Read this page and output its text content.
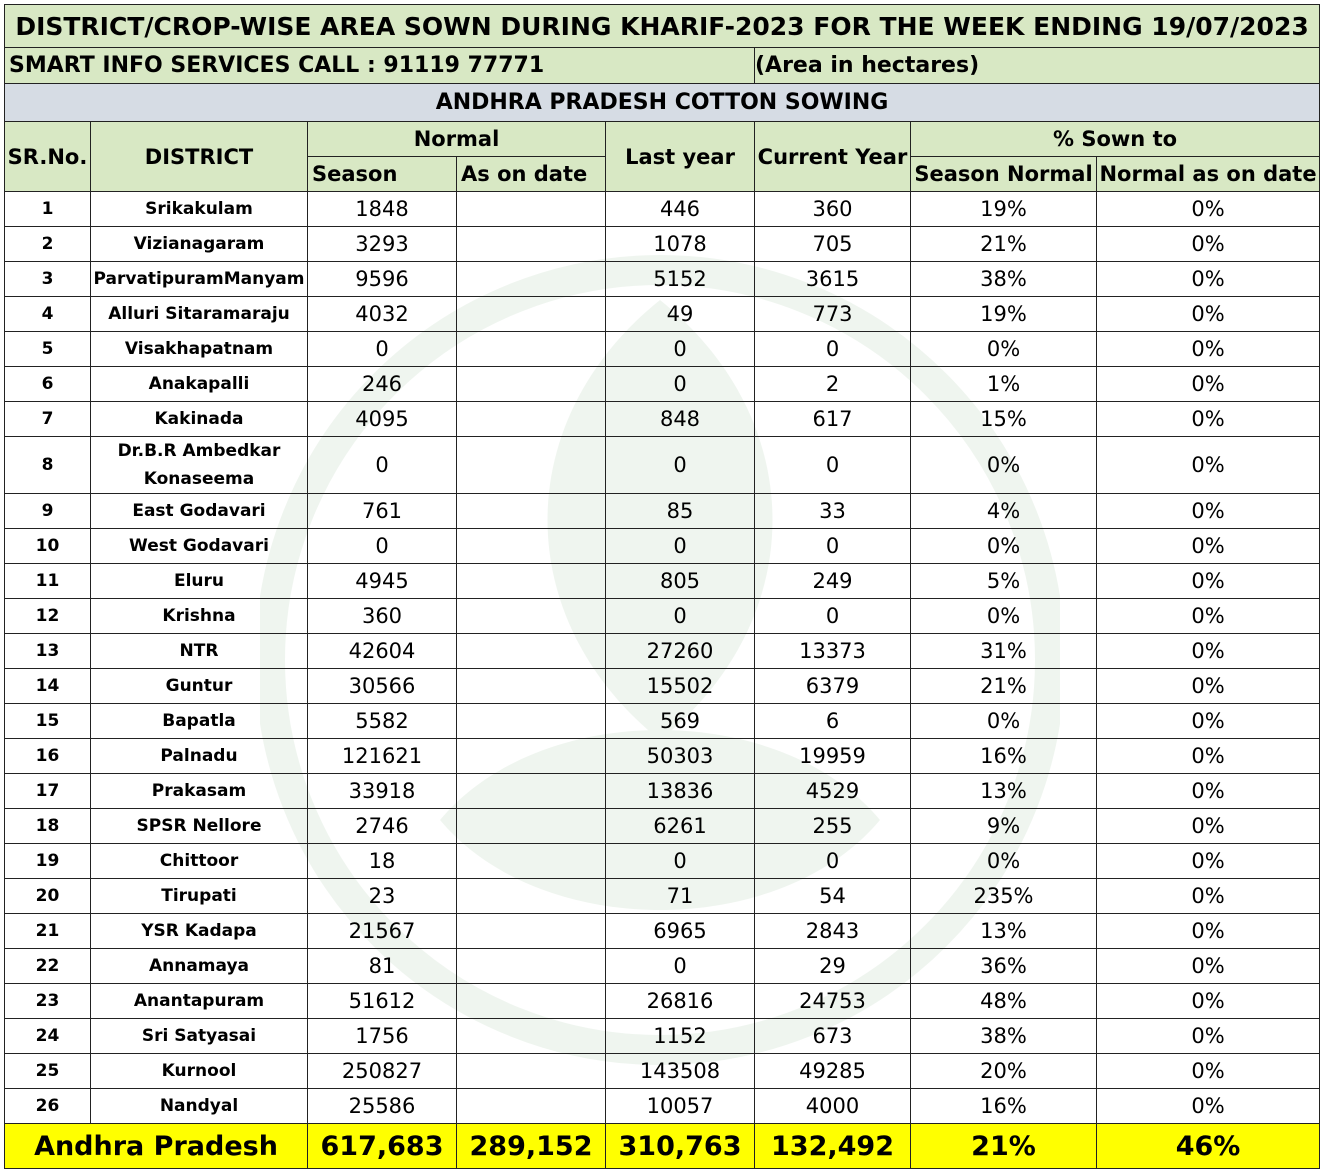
DISTRICT/CROP-WISE AREA SOWN DURING KHARIF-2023 FOR THE WEEK ENDING 19/07/2023							
SMART INFO SERVICES CALL : 91119 77771					(Area in hectares)		
ANDHRA PRADESH COTTON SOWING							
SR.No.	DISTRICT	Normal		Last year	Current Year	% Sown to	
		Season	As on date			Season Normal	Normal as on date
1	Srikakulam	1848		446	360	19%	0%
2	Vizianagaram	3293		1078	705	21%	0%
3	ParvatipuramManyam	9596		5152	3615	38%	0%
4	Alluri Sitaramaraju	4032		49	773	19%	0%
5	Visakhapatnam	0		0	0	0%	0%
6	Anakapalli	246		0	2	1%	0%
7	Kakinada	4095		848	617	15%	0%
8	Dr.B.R Ambedkar Konaseema	0		0	0	0%	0%
9	East Godavari	761		85	33	4%	0%
10	West Godavari	0		0	0	0%	0%
11	Eluru	4945		805	249	5%	0%
12	Krishna	360		0	0	0%	0%
13	NTR	42604		27260	13373	31%	0%
14	Guntur	30566		15502	6379	21%	0%
15	Bapatla	5582		569	6	0%	0%
16	Palnadu	121621		50303	19959	16%	0%
17	Prakasam	33918		13836	4529	13%	0%
18	SPSR Nellore	2746		6261	255	9%	0%
19	Chittoor	18		0	0	0%	0%
20	Tirupati	23		71	54	235%	0%
21	YSR Kadapa	21567		6965	2843	13%	0%
22	Annamaya	81		0	29	36%	0%
23	Anantapuram	51612		26816	24753	48%	0%
24	Sri Satyasai	1756		1152	673	38%	0%
25	Kurnool	250827		143508	49285	20%	0%
26	Nandyal	25586		10057	4000	16%	0%
Andhra Pradesh		617,683	289,152	310,763	132,492	21%	46%
